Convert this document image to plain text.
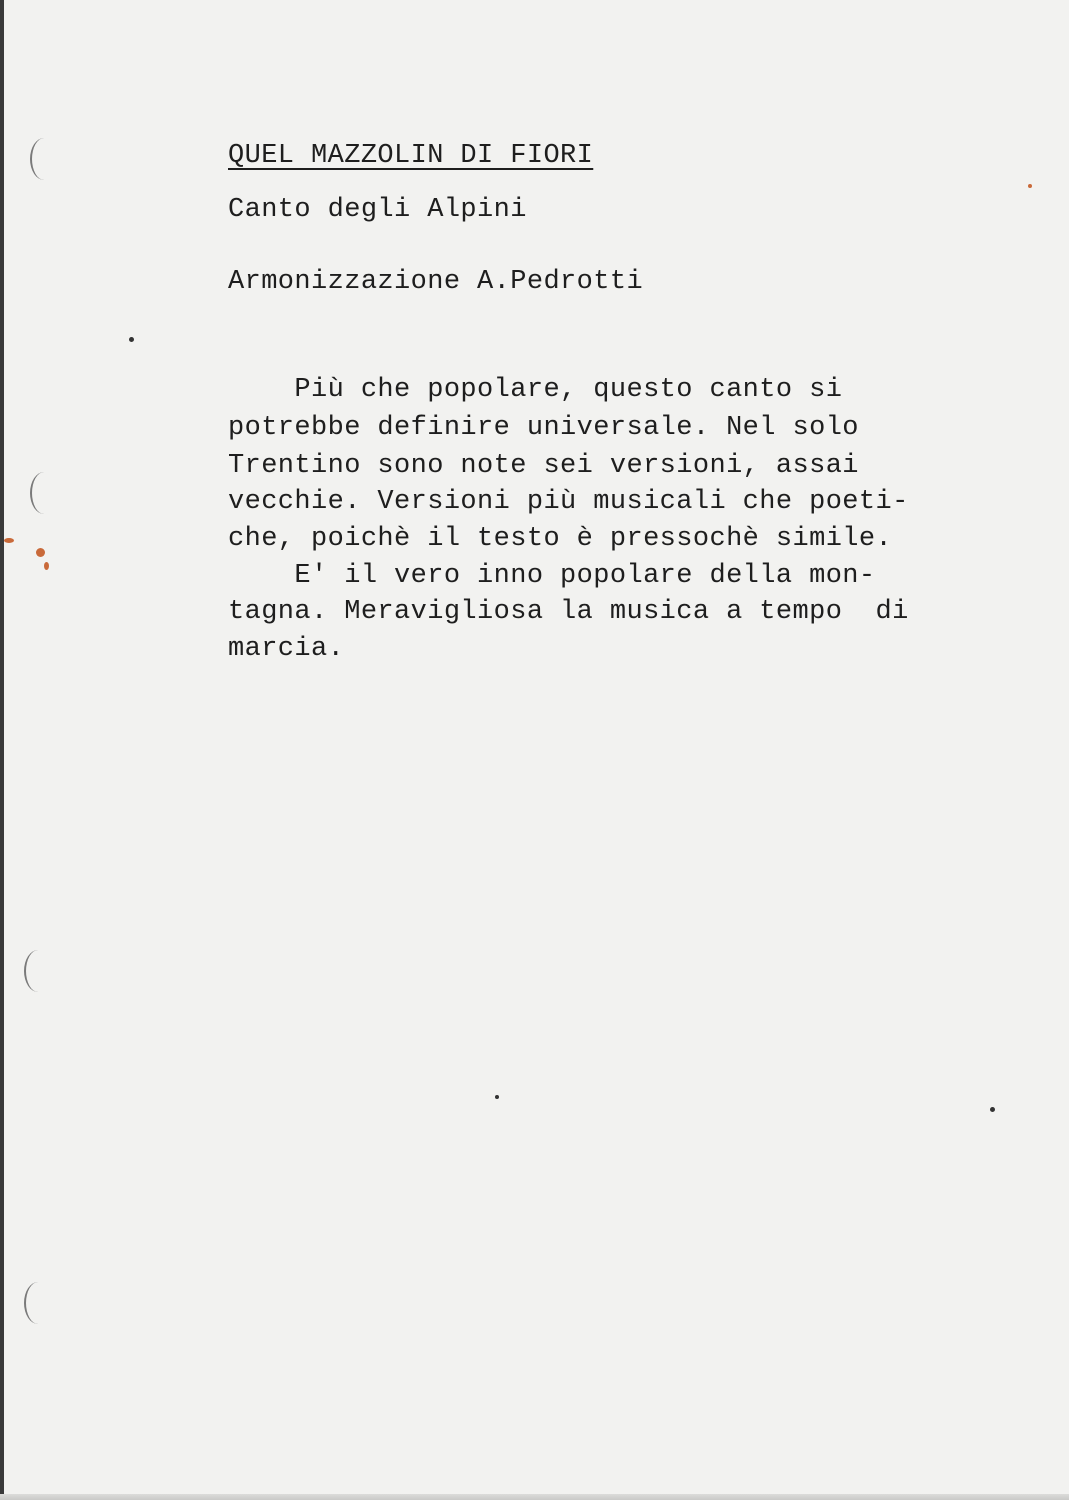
QUEL MAZZOLIN DI FIORI
Canto degli Alpini
Armonizzazione A.Pedrotti
Più che popolare, questo canto si
potrebbe definire universale. Nel solo
Trentino sono note sei versioni, assai
vecchie. Versioni più musicali che poeti-
che, poichè il testo è pressochè simile.
E' il vero inno popolare della mon-
tagna. Meravigliosa la musica a tempo  di
marcia.
